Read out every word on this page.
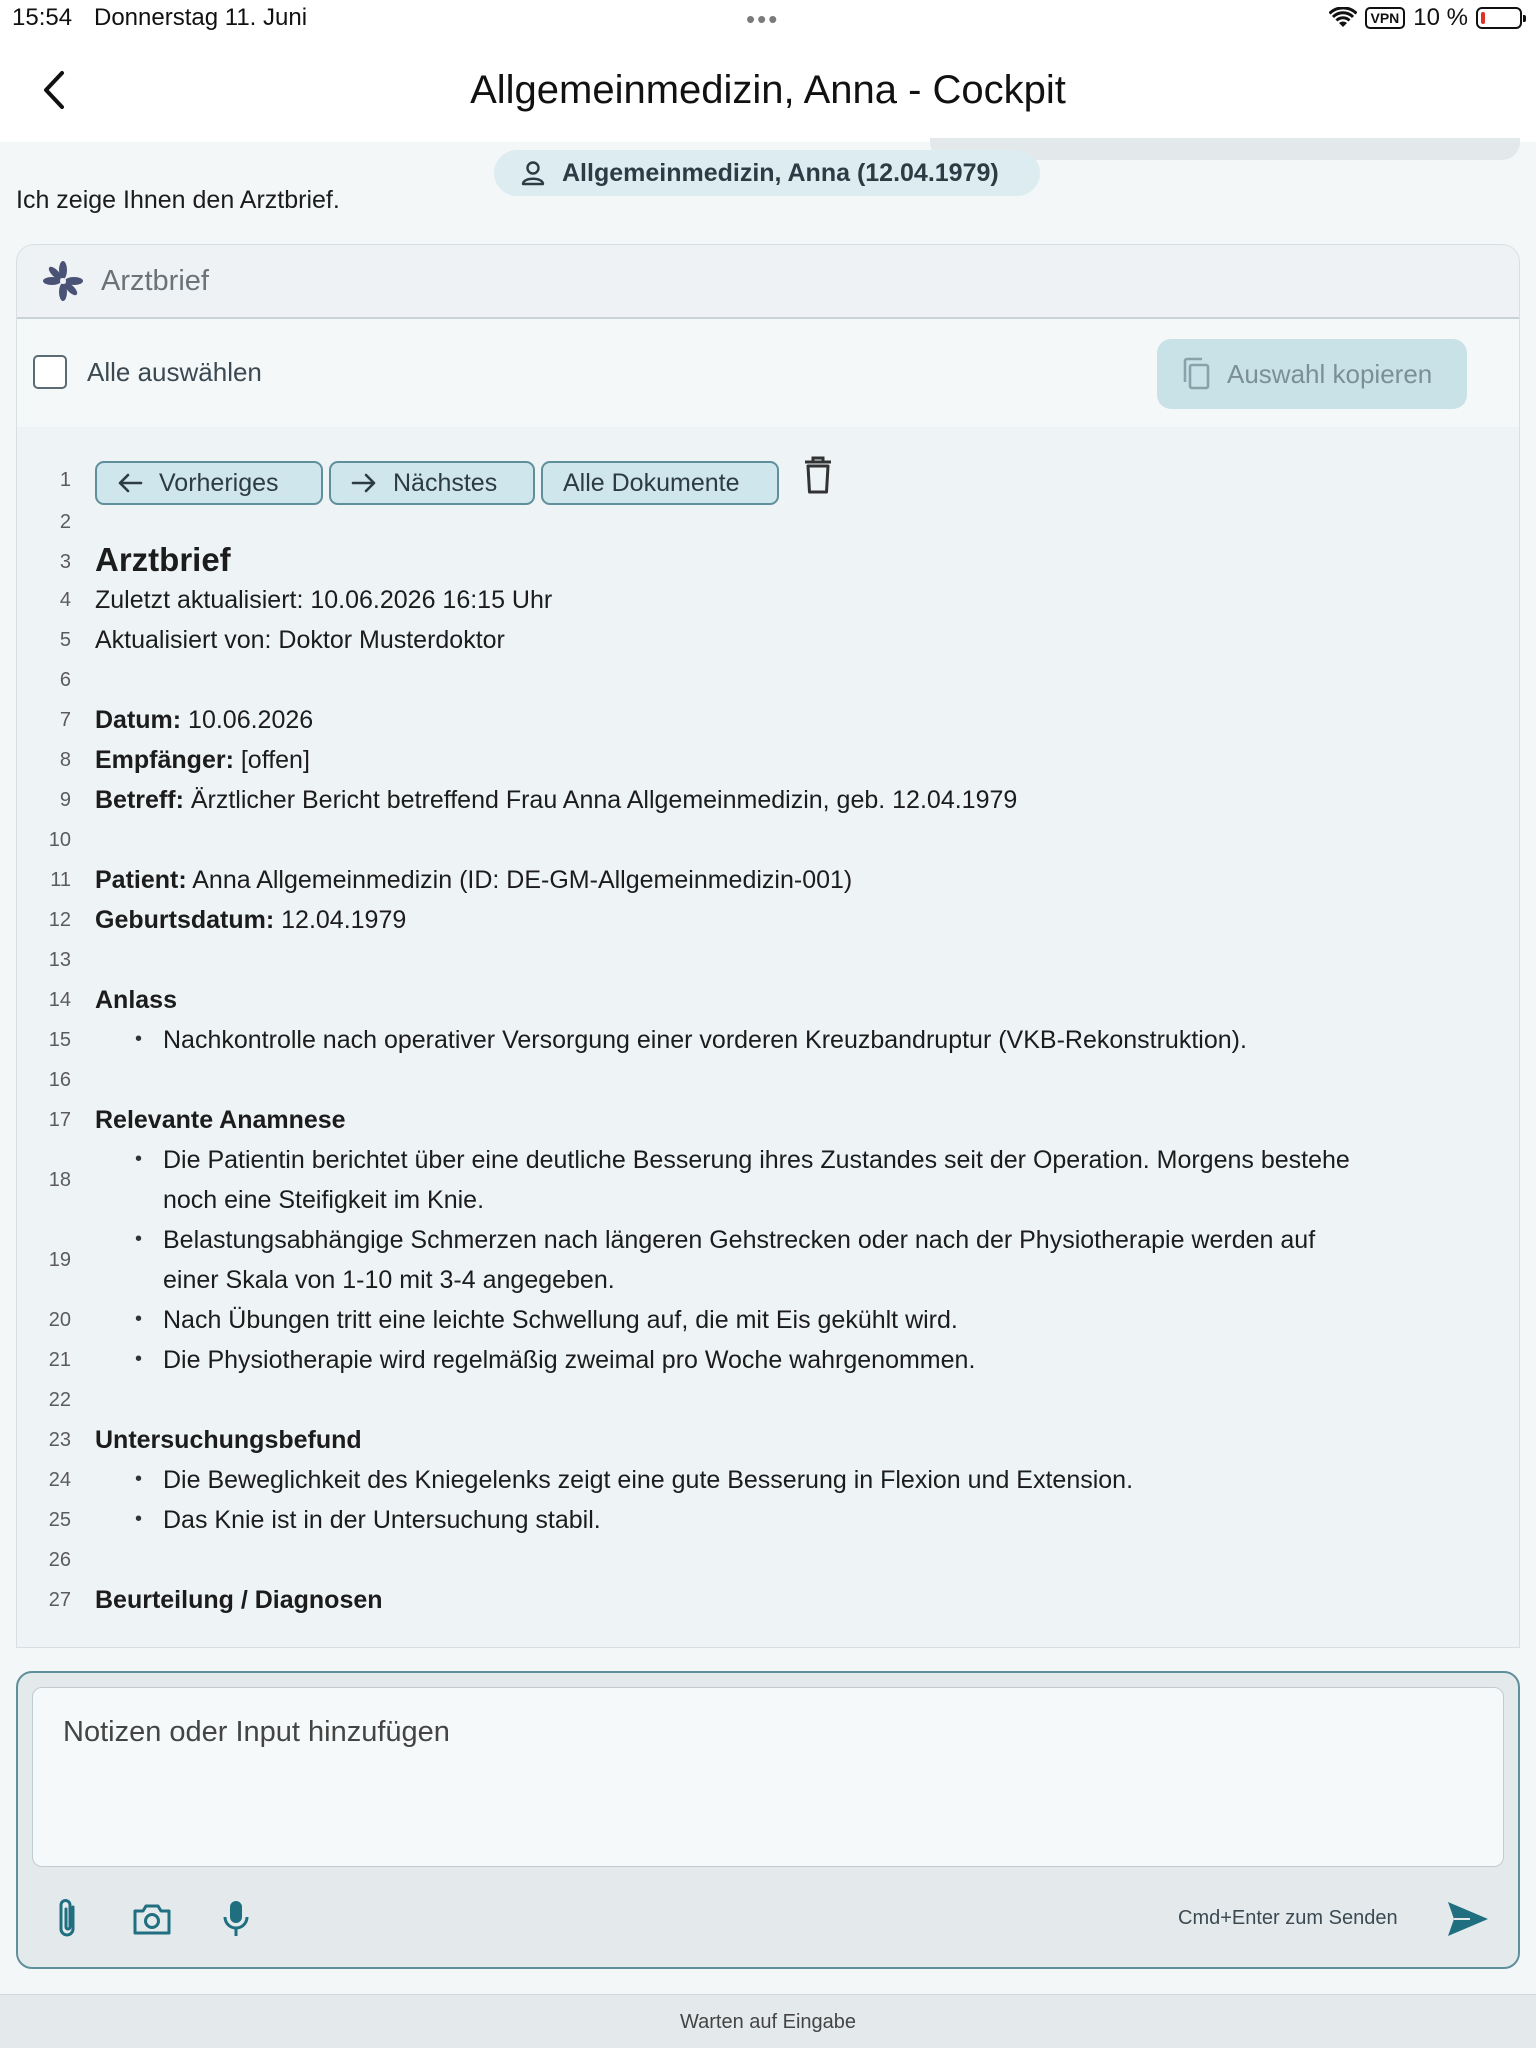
15:54 Donnerstag 11. Juni	•••	VPN 10 %
Allgemeinmedizin, Anna - Cockpit
Allgemeinmedizin, Anna (12.04.1979)
Ich zeige Ihnen den Arztbrief.
Arztbrief
Alle auswählen	Auswahl kopieren
1	Vorheriges	Nächstes	Alle Dokumente
2
3 Arztbrief
4 Zuletzt aktualisiert: 10.06.2026 16:15 Uhr
5 Aktualisiert von: Doktor Musterdoktor
6
7 Datum: 10.06.2026
8 Empfänger: [offen]
9 Betreff: Ärztlicher Bericht betreffend Frau Anna Allgemeinmedizin, geb. 12.04.1979
10
11 Patient: Anna Allgemeinmedizin (ID: DE-GM-Allgemeinmedizin-001)
12 Geburtsdatum: 12.04.1979
13
14 Anlass
15	• Nachkontrolle nach operativer Versorgung einer vorderen Kreuzbandruptur (VKB-Rekonstruktion).
16
17 Relevante Anamnese
18
• Die Patientin berichtet über eine deutliche Besserung ihres Zustandes seit der Operation. Morgens bestehe
noch eine Steifigkeit im Knie.
19
• Belastungsabhängige Schmerzen nach längeren Gehstrecken oder nach der Physiotherapie werden auf
einer Skala von 1-10 mit 3-4 angegeben.
20	• Nach Übungen tritt eine leichte Schwellung auf, die mit Eis gekühlt wird.
21	• Die Physiotherapie wird regelmäßig zweimal pro Woche wahrgenommen.
22
23 Untersuchungsbefund
24	• Die Beweglichkeit des Kniegelenks zeigt eine gute Besserung in Flexion und Extension.
25	• Das Knie ist in der Untersuchung stabil.
26
27 Beurteilung / Diagnosen
Notizen oder Input hinzufügen
Cmd+Enter zum Senden
Warten auf Eingabe
